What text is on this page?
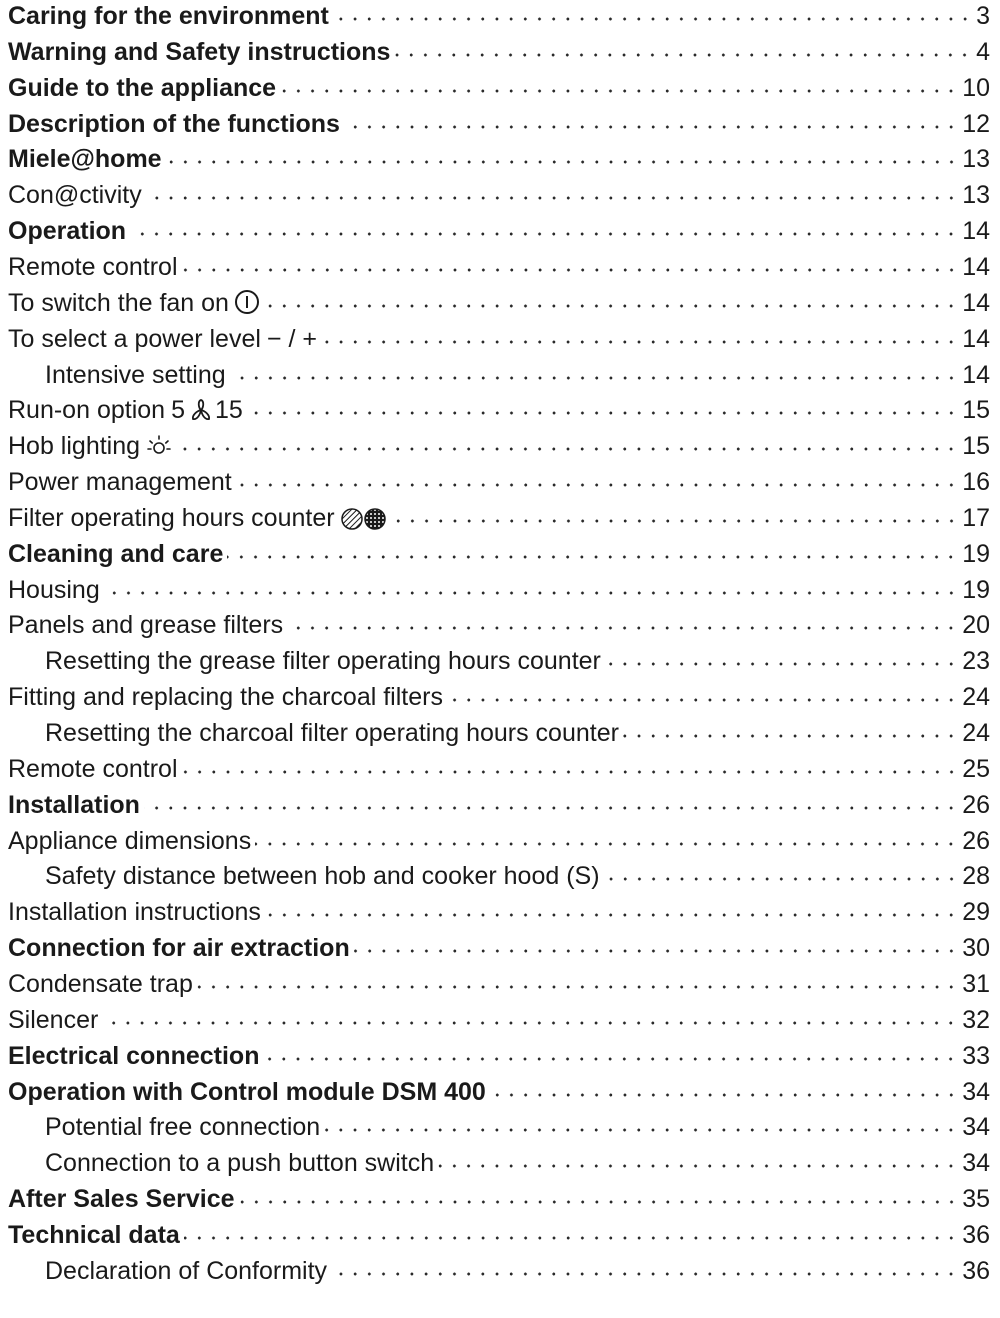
Caring for the environment	3
Warning and Safety instructions	4
Guide to the appliance	10
Description of the functions	12
Miele@home	13
Con@ctivity	13
Operation	14
Remote control	14
To switch the fan on	14
To select a power level − / +	14
Intensive setting	14
Run-on option 5 15	15
Hob lighting	15
Power management	16
Filter operating hours counter	17
Cleaning and care	19
Housing	19
Panels and grease filters	20
Resetting the grease filter operating hours counter	23
Fitting and replacing the charcoal filters	24
Resetting the charcoal filter operating hours counter	24
Remote control	25
Installation	26
Appliance dimensions	26
Safety distance between hob and cooker hood (S)	28
Installation instructions	29
Connection for air extraction	30
Condensate trap	31
Silencer	32
Electrical connection	33
Operation with Control module DSM 400	34
Potential free connection	34
Connection to a push button switch	34
After Sales Service	35
Technical data	36
Declaration of Conformity	36
